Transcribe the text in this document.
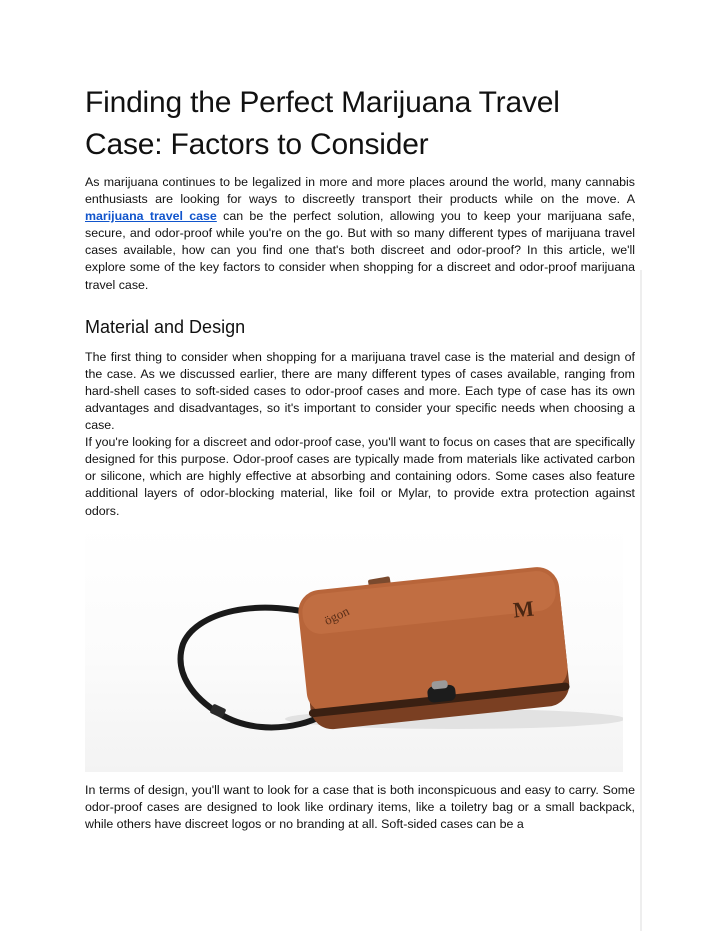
Finding the Perfect Marijuana Travel Case: Factors to Consider

As marijuana continues to be legalized in more and more places around the world, many cannabis enthusiasts are looking for ways to discreetly transport their products while on the move. A marijuana travel case can be the perfect solution, allowing you to keep your marijuana safe, secure, and odor-proof while you're on the go. But with so many different types of marijuana travel cases available, how can you find one that's both discreet and odor-proof? In this article, we'll explore some of the key factors to consider when shopping for a discreet and odor-proof marijuana travel case.

Material and Design

The first thing to consider when shopping for a marijuana travel case is the material and design of the case. As we discussed earlier, there are many different types of cases available, ranging from hard-shell cases to soft-sided cases to odor-proof cases and more. Each type of case has its own advantages and disadvantages, so it's important to consider your specific needs when choosing a case.

If you're looking for a discreet and odor-proof case, you'll want to focus on cases that are specifically designed for this purpose. Odor-proof cases are typically made from materials like activated carbon or silicone, which are highly effective at absorbing and containing odors. Some cases also feature additional layers of odor-blocking material, like foil or Mylar, to provide extra protection against odors.

ögon	M

In terms of design, you'll want to look for a case that is both inconspicuous and easy to carry. Some odor-proof cases are designed to look like ordinary items, like a toiletry bag or a small backpack, while others have discreet logos or no branding at all. Soft-sided cases can be a
